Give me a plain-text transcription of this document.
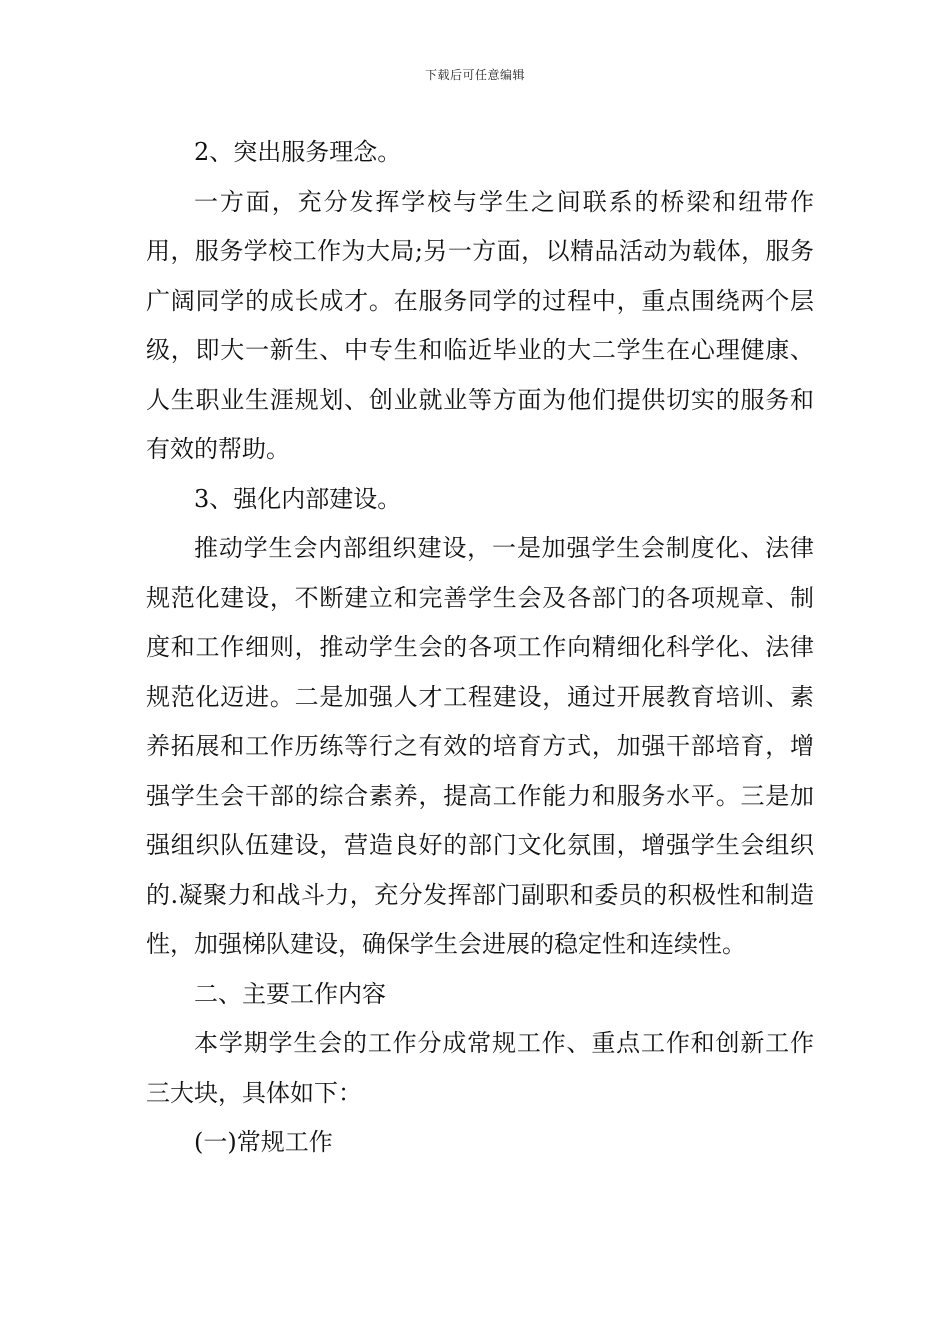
下载后可任意编辑

2、突出服务理念。

一方面，充分发挥学校与学生之间联系的桥梁和纽带作用，服务学校工作为大局;另一方面，以精品活动为载体，服务广阔同学的成长成才。在服务同学的过程中，重点围绕两个层级，即大一新生、中专生和临近毕业的大二学生在心理健康、人生职业生涯规划、创业就业等方面为他们提供切实的服务和有效的帮助。

3、强化内部建设。

推动学生会内部组织建设，一是加强学生会制度化、法律规范化建设，不断建立和完善学生会及各部门的各项规章、制度和工作细则，推动学生会的各项工作向精细化科学化、法律规范化迈进。二是加强人才工程建设，通过开展教育培训、素养拓展和工作历练等行之有效的培育方式，加强干部培育，增强学生会干部的综合素养，提高工作能力和服务水平。三是加强组织队伍建设，营造良好的部门文化氛围，增强学生会组织的.凝聚力和战斗力，充分发挥部门副职和委员的积极性和制造性，加强梯队建设，确保学生会进展的稳定性和连续性。

二、主要工作内容

本学期学生会的工作分成常规工作、重点工作和创新工作三大块，具体如下：

(一)常规工作
